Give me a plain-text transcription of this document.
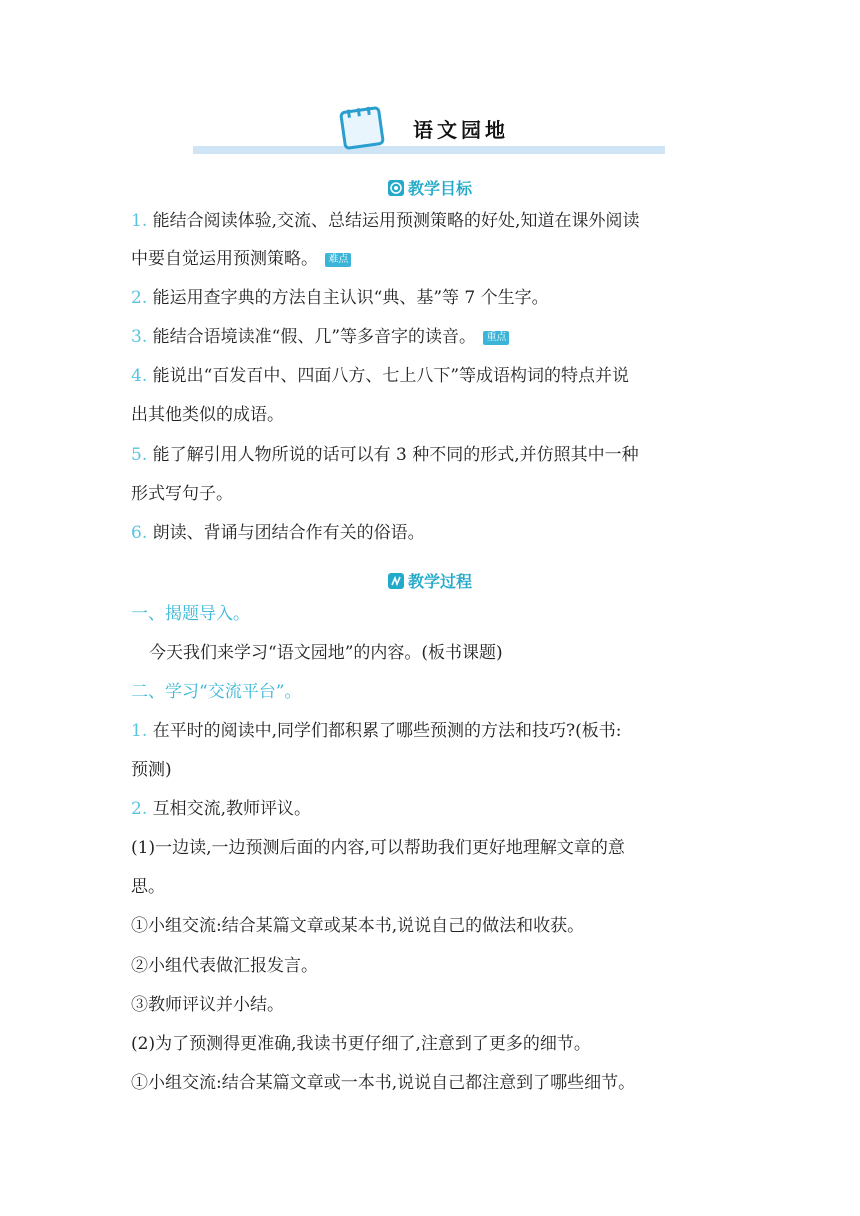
语文园地
教学目标
1. 能结合阅读体验,交流、总结运用预测策略的好处,知道在课外阅读
中要自觉运用预测策略。 难点
2. 能运用查字典的方法自主认识“典、基”等 7 个生字。
3. 能结合语境读准“假、几”等多音字的读音。 重点
4. 能说出“百发百中、四面八方、七上八下”等成语构词的特点并说
出其他类似的成语。
5. 能了解引用人物所说的话可以有 3 种不同的形式,并仿照其中一种
形式写句子。
6. 朗读、背诵与团结合作有关的俗语。
教学过程
一、揭题导入。
今天我们来学习“语文园地”的内容。(板书课题)
二、学习“交流平台”。
1. 在平时的阅读中,同学们都积累了哪些预测的方法和技巧?(板书:
预测)
2. 互相交流,教师评议。
(1)一边读,一边预测后面的内容,可以帮助我们更好地理解文章的意
思。
①小组交流:结合某篇文章或某本书,说说自己的做法和收获。
②小组代表做汇报发言。
③教师评议并小结。
(2)为了预测得更准确,我读书更仔细了,注意到了更多的细节。
①小组交流:结合某篇文章或一本书,说说自己都注意到了哪些细节。
